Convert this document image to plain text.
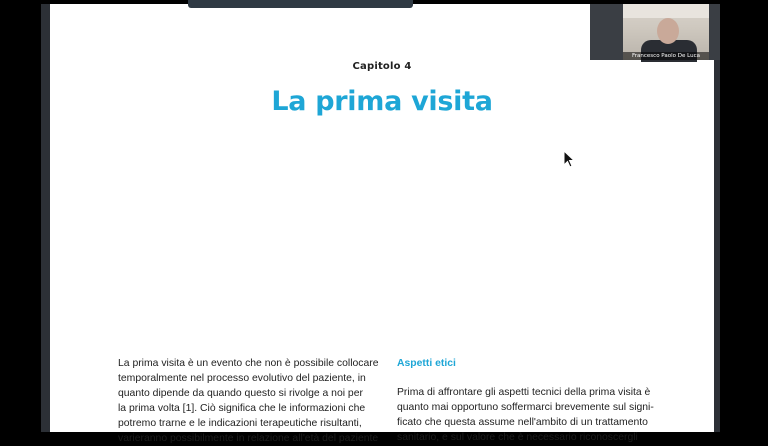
Capitolo 4
La prima visita
La prima visita è un evento che non è possibile collocare
temporalmente nel processo evolutivo del paziente, in
quanto dipende da quando questo si rivolge a noi per
la prima volta [1]. Ciò significa che le informazioni che
potremo trarne e le indicazioni terapeutiche risultanti,
varieranno possibilmente in relazione all'età del paziente
Aspetti etici
Prima di affrontare gli aspetti tecnici della prima visita è
quanto mai opportuno soffermarci brevemente sul signi-
ficato che questa assume nell'ambito di un trattamento
sanitario, e sul valore che è necessario riconoscergli
Francesco Paolo De Luca
